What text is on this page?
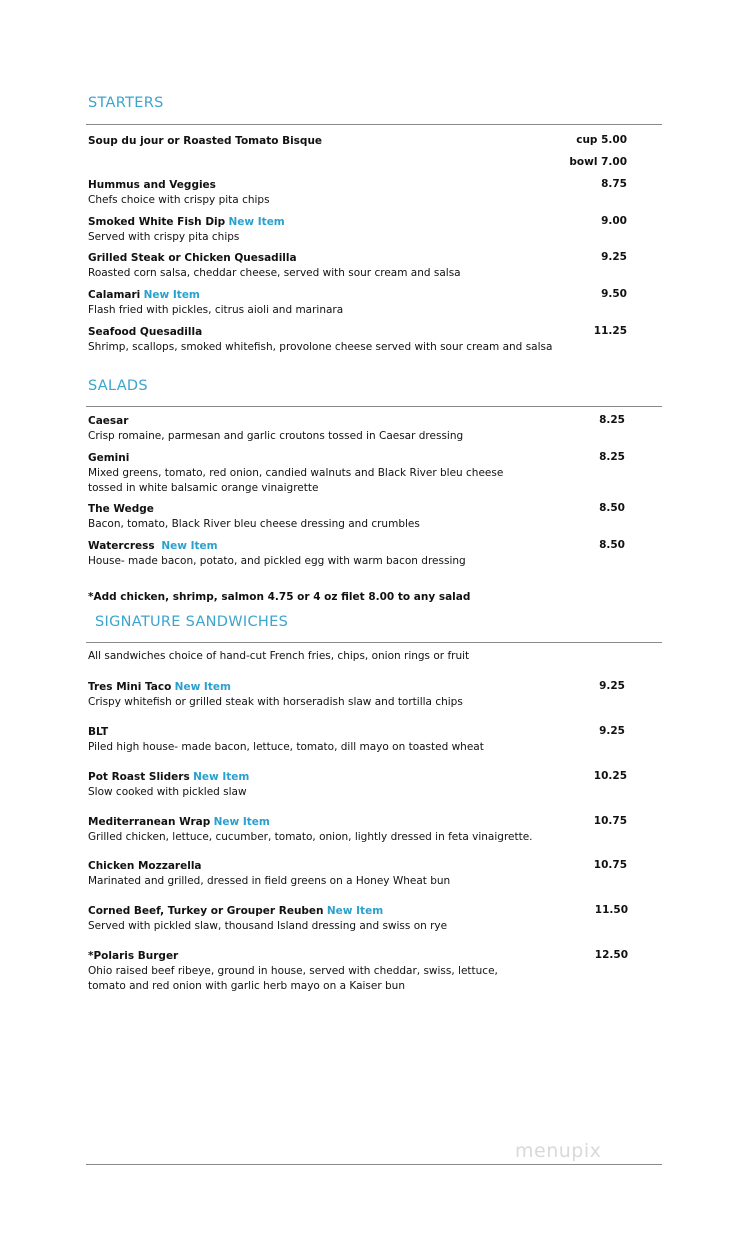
STARTERS
Soup du jour or Roasted Tomato Bisque	cup 5.00
bowl 7.00
Hummus and Veggies
Chefs choice with crispy pita chips
8.75
Smoked White Fish Dip New Item
Served with crispy pita chips
9.00
Grilled Steak or Chicken Quesadilla
Roasted corn salsa, cheddar cheese, served with sour cream and salsa
9.25
Calamari New Item
Flash fried with pickles, citrus aioli and marinara
9.50
Seafood Quesadilla
Shrimp, scallops, smoked whitefish, provolone cheese served with sour cream and salsa
11.25
SALADS
Caesar
Crisp romaine, parmesan and garlic croutons tossed in Caesar dressing
8.25
Gemini
Mixed greens, tomato, red onion, candied walnuts and Black River bleu cheese
tossed in white balsamic orange vinaigrette
8.25
The Wedge
Bacon, tomato, Black River bleu cheese dressing and crumbles
8.50
Watercress New Item
House- made bacon, potato, and pickled egg with warm bacon dressing
8.50
*Add chicken, shrimp, salmon 4.75 or 4 oz filet 8.00 to any salad
SIGNATURE SANDWICHES
All sandwiches choice of hand-cut French fries, chips, onion rings or fruit
Tres Mini Taco New Item
Crispy whitefish or grilled steak with horseradish slaw and tortilla chips
9.25
BLT
Piled high house- made bacon, lettuce, tomato, dill mayo on toasted wheat
9.25
Pot Roast Sliders New Item
Slow cooked with pickled slaw
10.25
Mediterranean Wrap New Item
Grilled chicken, lettuce, cucumber, tomato, onion, lightly dressed in feta vinaigrette.
10.75
Chicken Mozzarella
Marinated and grilled, dressed in field greens on a Honey Wheat bun
10.75
Corned Beef, Turkey or Grouper Reuben New Item
Served with pickled slaw, thousand Island dressing and swiss on rye
11.50
*Polaris Burger
Ohio raised beef ribeye, ground in house, served with cheddar, swiss, lettuce,
tomato and red onion with garlic herb mayo on a Kaiser bun
12.50
menupix
